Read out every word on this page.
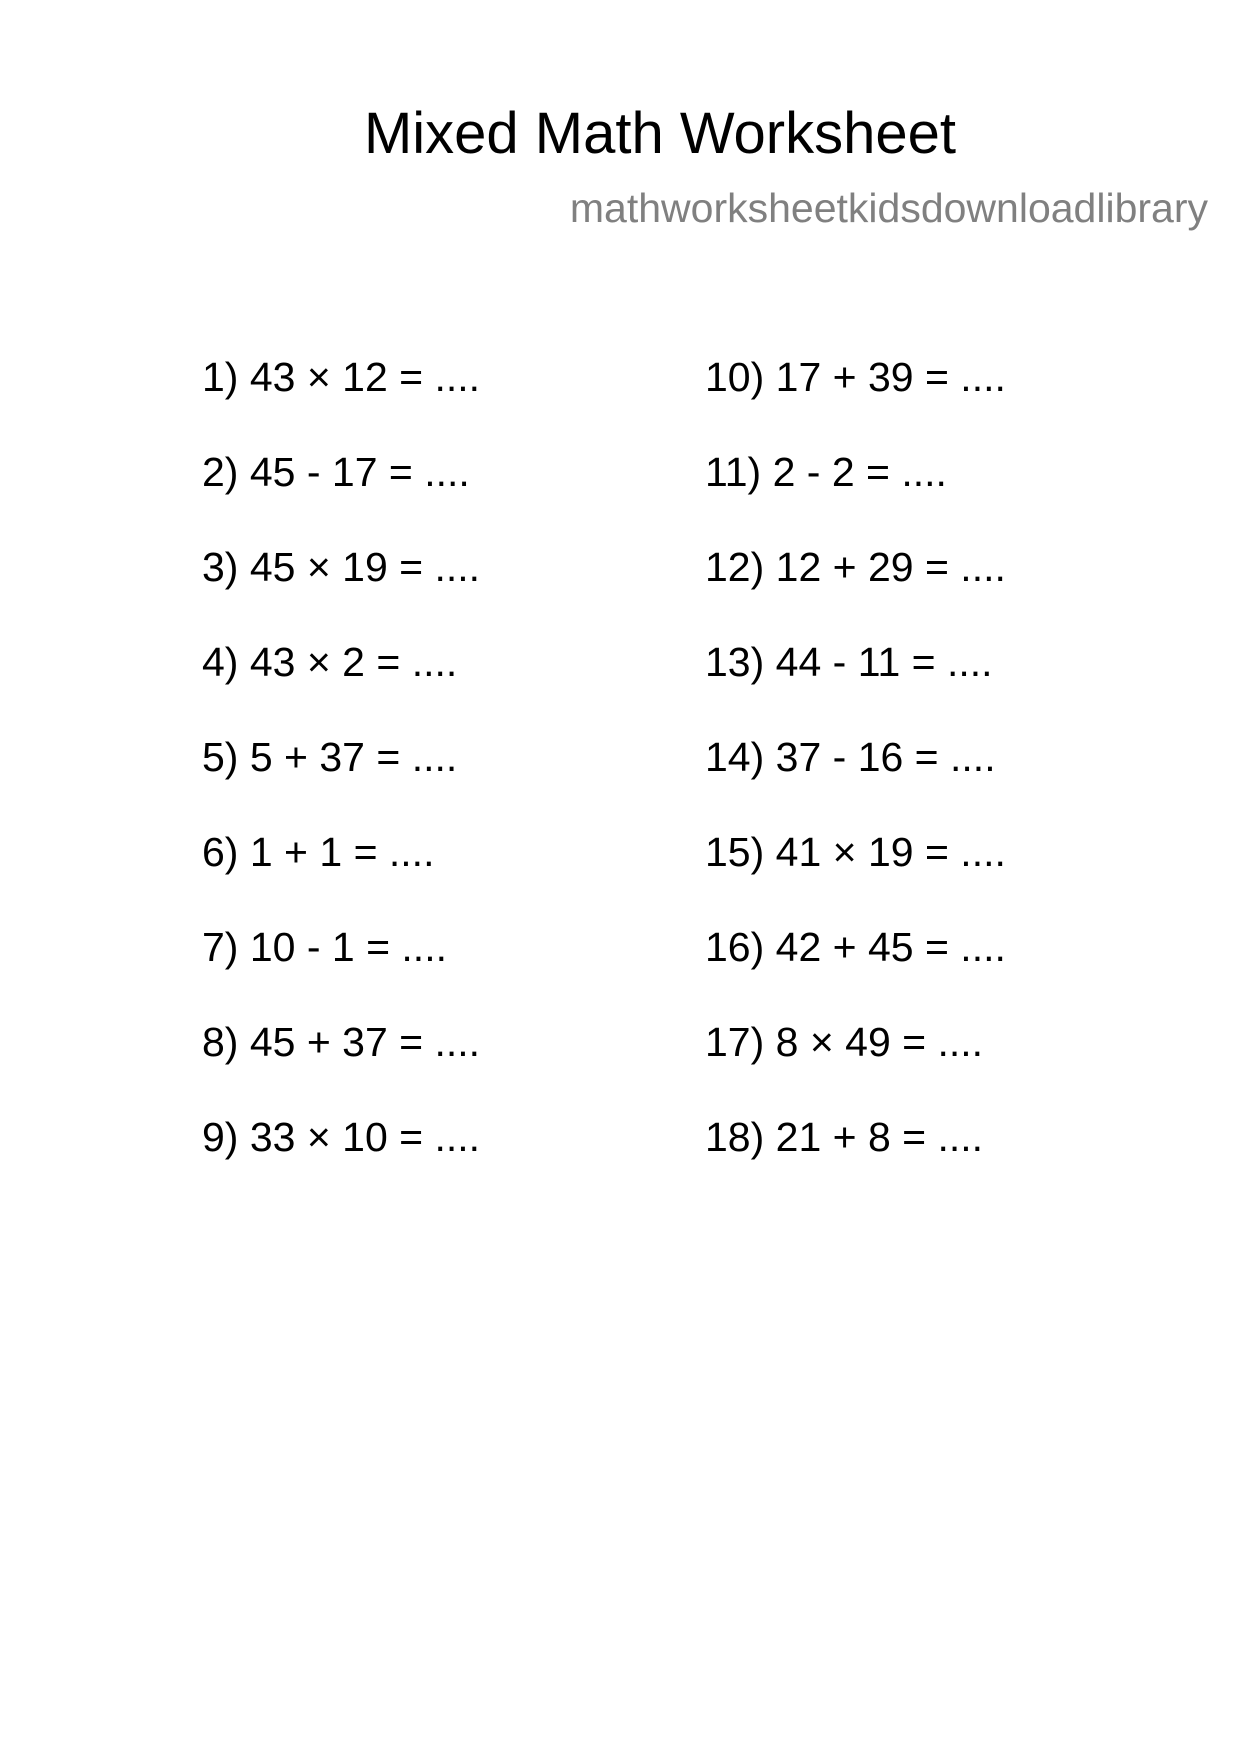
Mixed Math Worksheet
mathworksheetkidsdownloadlibrary
1) 43 × 12 = ....
2) 45 - 17 = ....
3) 45 × 19 = ....
4) 43 × 2 = ....
5) 5 + 37 = ....
6) 1 + 1 = ....
7) 10 - 1 = ....
8) 45 + 37 = ....
9) 33 × 10 = ....
10) 17 + 39 = ....
11) 2 - 2 = ....
12) 12 + 29 = ....
13) 44 - 11 = ....
14) 37 - 16 = ....
15) 41 × 19 = ....
16) 42 + 45 = ....
17) 8 × 49 = ....
18) 21 + 8 = ....
